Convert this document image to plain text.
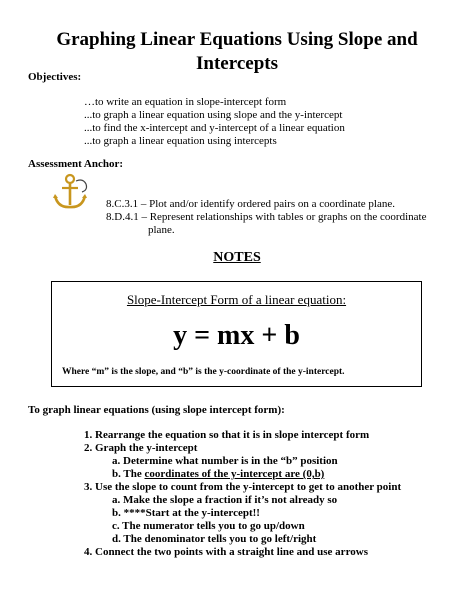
Graphing Linear Equations Using Slope and
Intercepts

Objectives:

…to write an equation in slope-intercept form

...to graph a linear equation using slope and the y-intercept

...to find the x-intercept and y-intercept of a linear equation

...to graph a linear equation using intercepts

Assessment Anchor:

8.C.3.1 – Plot and/or identify ordered pairs on a coordinate plane.

8.D.4.1 – Represent relationships with tables or graphs on the coordinate

plane.

NOTES

Slope-Intercept Form of a linear equation:

y = mx + b

Where “m” is the slope, and “b” is the y-coordinate of the y-intercept.

To graph linear equations (using slope intercept form):

1. Rearrange the equation so that it is in slope intercept form

2. Graph the y-intercept

a. Determine what number is in the “b” position

b. The coordinates of the y-intercept are (0,b)

3. Use the slope to count from the y-intercept to get to another point

a. Make the slope a fraction if it’s not already so

b. ****Start at the y-intercept!!

c. The numerator tells you to go up/down

d. The denominator tells you to go left/right

4. Connect the two points with a straight line and use arrows
